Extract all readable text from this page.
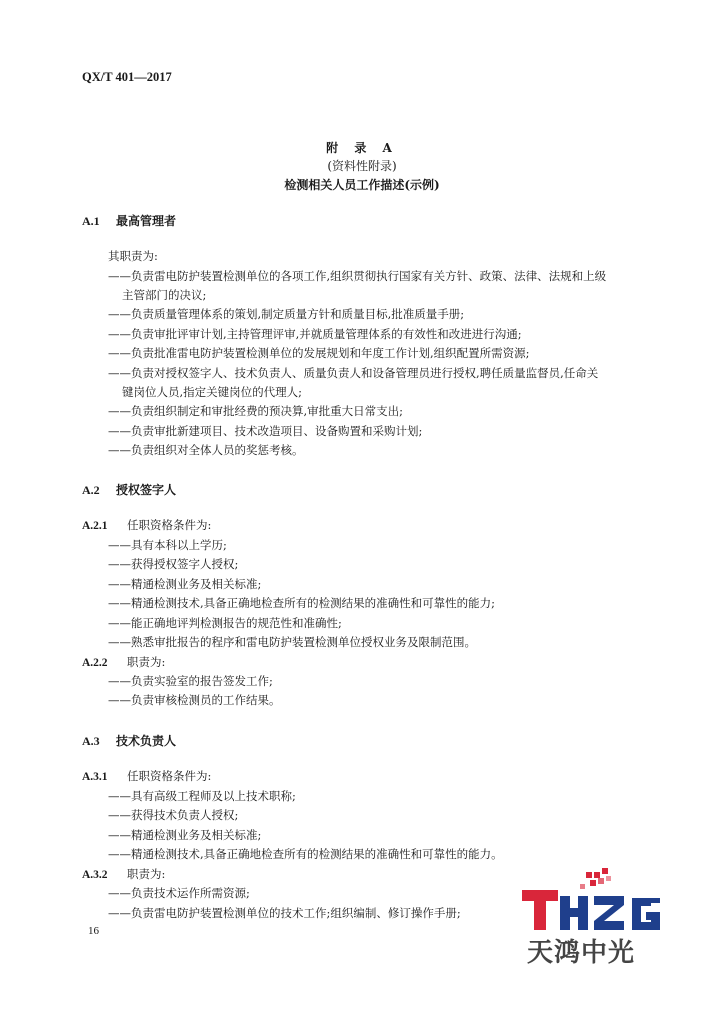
QX/T 401—2017
附 录 A
(资料性附录)
检测相关人员工作描述(示例)
A.1 最高管理者
其职责为:
——负责雷电防护装置检测单位的各项工作,组织贯彻执行国家有关方针、政策、法律、法规和上级
主管部门的决议;
——负责质量管理体系的策划,制定质量方针和质量目标,批准质量手册;
——负责审批评审计划,主持管理评审,并就质量管理体系的有效性和改进进行沟通;
——负责批准雷电防护装置检测单位的发展规划和年度工作计划,组织配置所需资源;
——负责对授权签字人、技术负责人、质量负责人和设备管理员进行授权,聘任质量监督员,任命关
键岗位人员,指定关键岗位的代理人;
——负责组织制定和审批经费的预决算,审批重大日常支出;
——负责审批新建项目、技术改造项目、设备购置和采购计划;
——负责组织对全体人员的奖惩考核。
A.2 授权签字人
A.2.1 任职资格条件为:
——具有本科以上学历;
——获得授权签字人授权;
——精通检测业务及相关标准;
——精通检测技术,具备正确地检查所有的检测结果的准确性和可靠性的能力;
——能正确地评判检测报告的规范性和准确性;
——熟悉审批报告的程序和雷电防护装置检测单位授权业务及限制范围。
A.2.2 职责为:
——负责实验室的报告签发工作;
——负责审核检测员的工作结果。
A.3 技术负责人
A.3.1 任职资格条件为:
——具有高级工程师及以上技术职称;
——获得技术负责人授权;
——精通检测业务及相关标准;
——精通检测技术,具备正确地检查所有的检测结果的准确性和可靠性的能力。
A.3.2 职责为:
——负责技术运作所需资源;
——负责雷电防护装置检测单位的技术工作;组织编制、修订操作手册;
16
天鸿中光
